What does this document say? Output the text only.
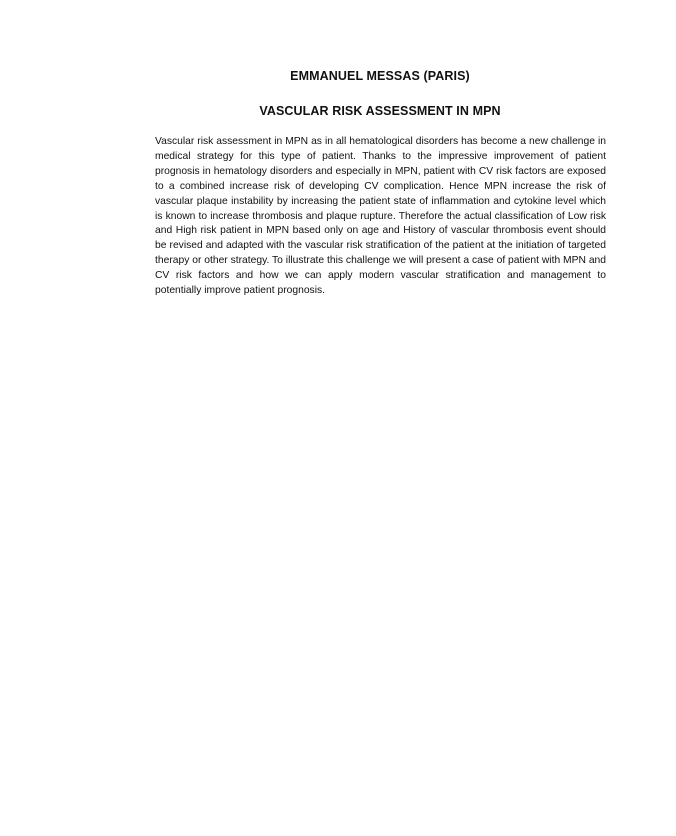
EMMANUEL MESSAS (PARIS)
VASCULAR RISK ASSESSMENT IN MPN
Vascular risk assessment in MPN as in all hematological disorders has become a new challenge in medical strategy for this type of patient. Thanks to the impressive improvement of patient prognosis in hematology disorders and especially in MPN, patient with CV risk factors are exposed to a combined increase risk of developing CV complication. Hence MPN increase the risk of vascular plaque instability by increasing the patient state of inflammation and cytokine level which is known to increase thrombosis and plaque rupture. Therefore the actual classification of Low risk and High risk patient in MPN based only on age and History of vascular thrombosis event should be revised and adapted with the vascular risk stratification of the patient at the initiation of targeted therapy or other strategy. To illustrate this challenge we will present a case of patient with MPN and CV risk factors and how we can apply modern vascular stratification and management to potentially improve patient prognosis.
